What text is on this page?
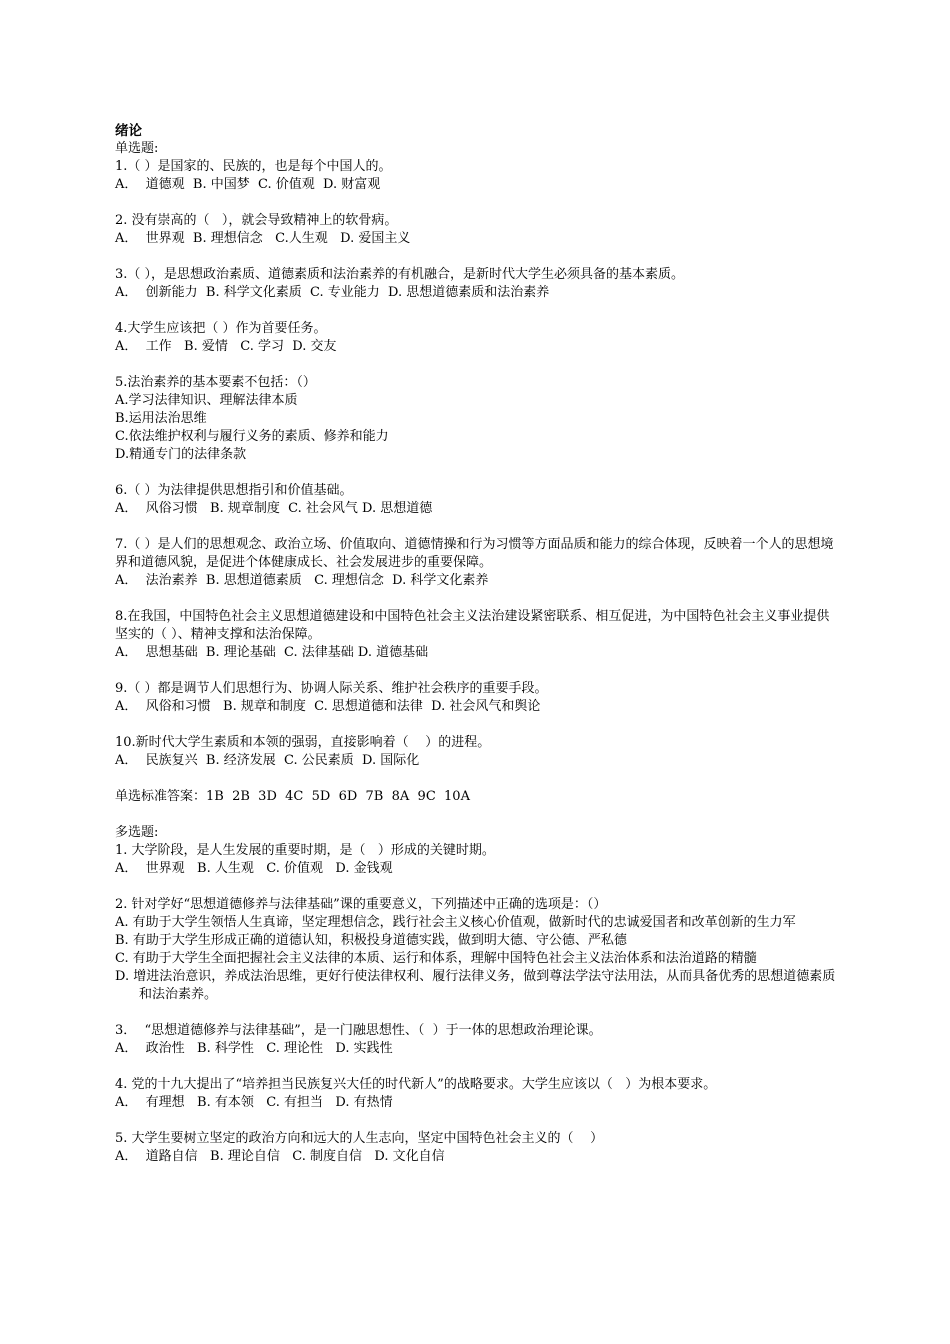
绪论
单选题:
1.（ ）是国家的、民族的，也是每个中国人的。
A．  道德观  B. 中国梦  C. 价值观  D. 财富观
2. 没有崇高的（   ），就会导致精神上的软骨病。
A．  世界观  B. 理想信念   C.人生观   D. 爱国主义
3.（ ），是思想政治素质、道德素质和法治素养的有机融合，是新时代大学生必须具备的基本素质。
A．  创新能力  B. 科学文化素质  C. 专业能力  D. 思想道德素质和法治素养
4.大学生应该把（ ）作为首要任务。
A．  工作   B. 爱情   C. 学习  D. 交友
5.法治素养的基本要素不包括：（）
A.学习法律知识、理解法律本质
B.运用法治思维
C.依法维护权利与履行义务的素质、修养和能力
D.精通专门的法律条款
6.（ ）为法律提供思想指引和价值基础。
A．  风俗习惯   B. 规章制度  C. 社会风气 D. 思想道德
7.（ ）是人们的思想观念、政治立场、价值取向、道德情操和行为习惯等方面品质和能力的综合体现，反映着一个人的思想境界和道德风貌，是促进个体健康成长、社会发展进步的重要保障。
A．  法治素养  B. 思想道德素质   C. 理想信念  D. 科学文化素养
8.在我国，中国特色社会主义思想道德建设和中国特色社会主义法治建设紧密联系、相互促进，为中国特色社会主义事业提供坚实的（ ）、精神支撑和法治保障。
A．  思想基础  B. 理论基础  C. 法律基础 D. 道德基础
9.（ ）都是调节人们思想行为、协调人际关系、维护社会秩序的重要手段。
A．  风俗和习惯   B. 规章和制度  C. 思想道德和法律  D. 社会风气和舆论
10.新时代大学生素质和本领的强弱，直接影响着（    ）的进程。
A．  民族复兴  B. 经济发展  C. 公民素质  D. 国际化
单选标准答案：1B  2B  3D  4C  5D  6D  7B  8A  9C  10A
多选题:
1. 大学阶段，是人生发展的重要时期，是（   ）形成的关键时期。
A．  世界观   B. 人生观   C. 价值观   D. 金钱观
2. 针对学好“思想道德修养与法律基础”课的重要意义，下列描述中正确的选项是：（）
A. 有助于大学生领悟人生真谛，坚定理想信念，践行社会主义核心价值观，做新时代的忠诚爱国者和改革创新的生力军
B. 有助于大学生形成正确的道德认知，积极投身道德实践，做到明大德、守公德、严私德
C. 有助于大学生全面把握社会主义法律的本质、运行和体系，理解中国特色社会主义法治体系和法治道路的精髓
D. 增进法治意识，养成法治思维，更好行使法律权利、履行法律义务，做到尊法学法守法用法，从而具备优秀的思想道德素质和法治素养。
3．  “思想道德修养与法律基础”，是一门融思想性、（  ）于一体的思想政治理论课。
A．  政治性   B. 科学性   C. 理论性   D. 实践性
4. 党的十九大提出了“培养担当民族复兴大任的时代新人”的战略要求。大学生应该以（   ）为根本要求。
A．  有理想   B. 有本领   C. 有担当   D. 有热情
5. 大学生要树立坚定的政治方向和远大的人生志向，坚定中国特色社会主义的（    ）
A．  道路自信   B. 理论自信   C. 制度自信   D. 文化自信
